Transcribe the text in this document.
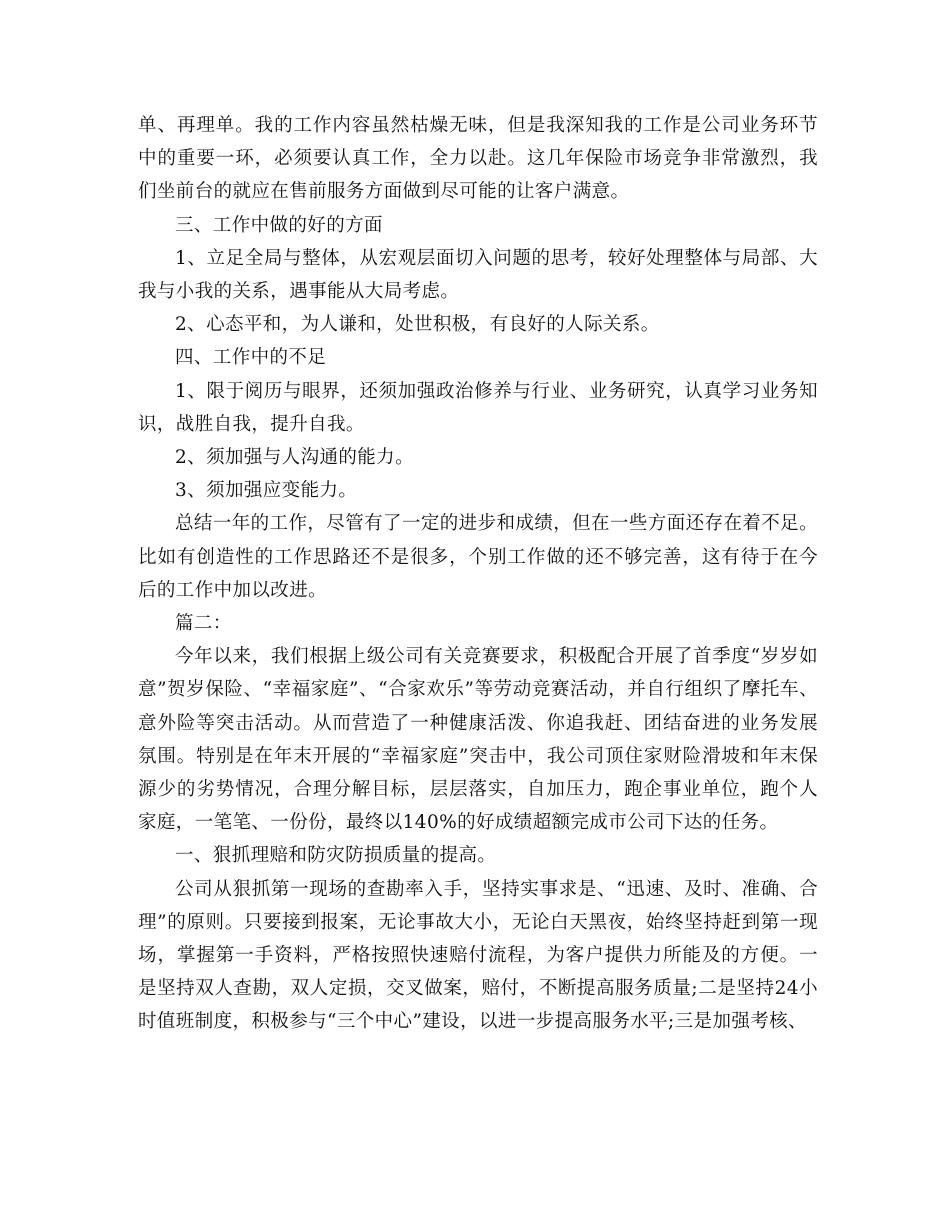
单、再理单。我的工作内容虽然枯燥无味，但是我深知我的工作是公司业务环节中的重要一环，必须要认真工作，全力以赴。这几年保险市场竞争非常激烈，我们坐前台的就应在售前服务方面做到尽可能的让客户满意。

三、工作中做的好的方面

1、立足全局与整体，从宏观层面切入问题的思考，较好处理整体与局部、大我与小我的关系，遇事能从大局考虑。

2、心态平和，为人谦和，处世积极，有良好的人际关系。

四、工作中的不足

1、限于阅历与眼界，还须加强政治修养与行业、业务研究，认真学习业务知识，战胜自我，提升自我。

2、须加强与人沟通的能力。

3、须加强应变能力。

总结一年的工作，尽管有了一定的进步和成绩，但在一些方面还存在着不足。比如有创造性的工作思路还不是很多，个别工作做的还不够完善，这有待于在今后的工作中加以改进。

篇二：

今年以来，我们根据上级公司有关竞赛要求，积极配合开展了首季度“岁岁如意”贺岁保险、“幸福家庭”、“合家欢乐”等劳动竞赛活动，并自行组织了摩托车、意外险等突击活动。从而营造了一种健康活泼、你追我赶、团结奋进的业务发展氛围。特别是在年末开展的“幸福家庭”突击中，我公司顶住家财险滑坡和年末保源少的劣势情况，合理分解目标，层层落实，自加压力，跑企事业单位，跑个人家庭，一笔笔、一份份，最终以140%的好成绩超额完成市公司下达的任务。

一、狠抓理赔和防灾防损质量的提高。

公司从狠抓第一现场的查勘率入手，坚持实事求是、“迅速、及时、准确、合理”的原则。只要接到报案，无论事故大小，无论白天黑夜，始终坚持赶到第一现场，掌握第一手资料，严格按照快速赔付流程，为客户提供力所能及的方便。一是坚持双人查勘，双人定损，交叉做案，赔付，不断提高服务质量;二是坚持24小时值班制度，积极参与“三个中心”建设，以进一步提高服务水平;三是加强考核、
